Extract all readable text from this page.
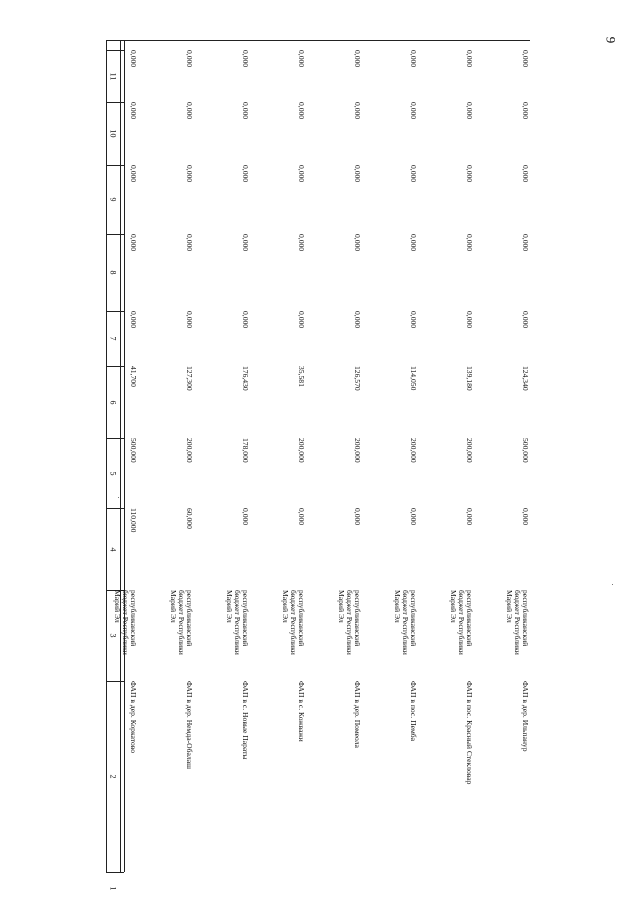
9
1
2
3
4
5
6
7
8
9
10
11
ФАП в дер. Коркатово
республиканский бюджет Республики Марий Эл
110,000
500,000
41,700
0,000
0,000
0,000
0,000
0,000
ФАП в дер. Немда-Обалаш
республиканский бюджет Республики Марий Эл
60,000
200,000
127,300
0,000
0,000
0,000
0,000
0,000
ФАП в с. Новые Параты
республиканский бюджет Республики Марий Эл
0,000
178,000
176,430
0,000
0,000
0,000
0,000
0,000
ФАП в с. Кожважи
республиканский бюджет Республики Марий Эл
0,000
200,000
35,581
0,000
0,000
0,000
0,000
0,000
ФАП в дер. Помеола
республиканский бюджет Республики Марий Эл
0,000
200,000
126,570
0,000
0,000
0,000
0,000
0,000
ФАП в пос. Пемба
республиканский бюджет Республики Марий Эл
0,000
200,000
114,050
0,000
0,000
0,000
0,000
0,000
ФАП в пос. Красный Стекловар
республиканский бюджет Республики Марий Эл
0,000
200,000
139,180
0,000
0,000
0,000
0,000
0,000
ФАП в дер. Ильпанур
республиканский бюджет Республики Марий Эл
0,000
500,000
124,340
0,000
0,000
0,000
0,000
0,000
